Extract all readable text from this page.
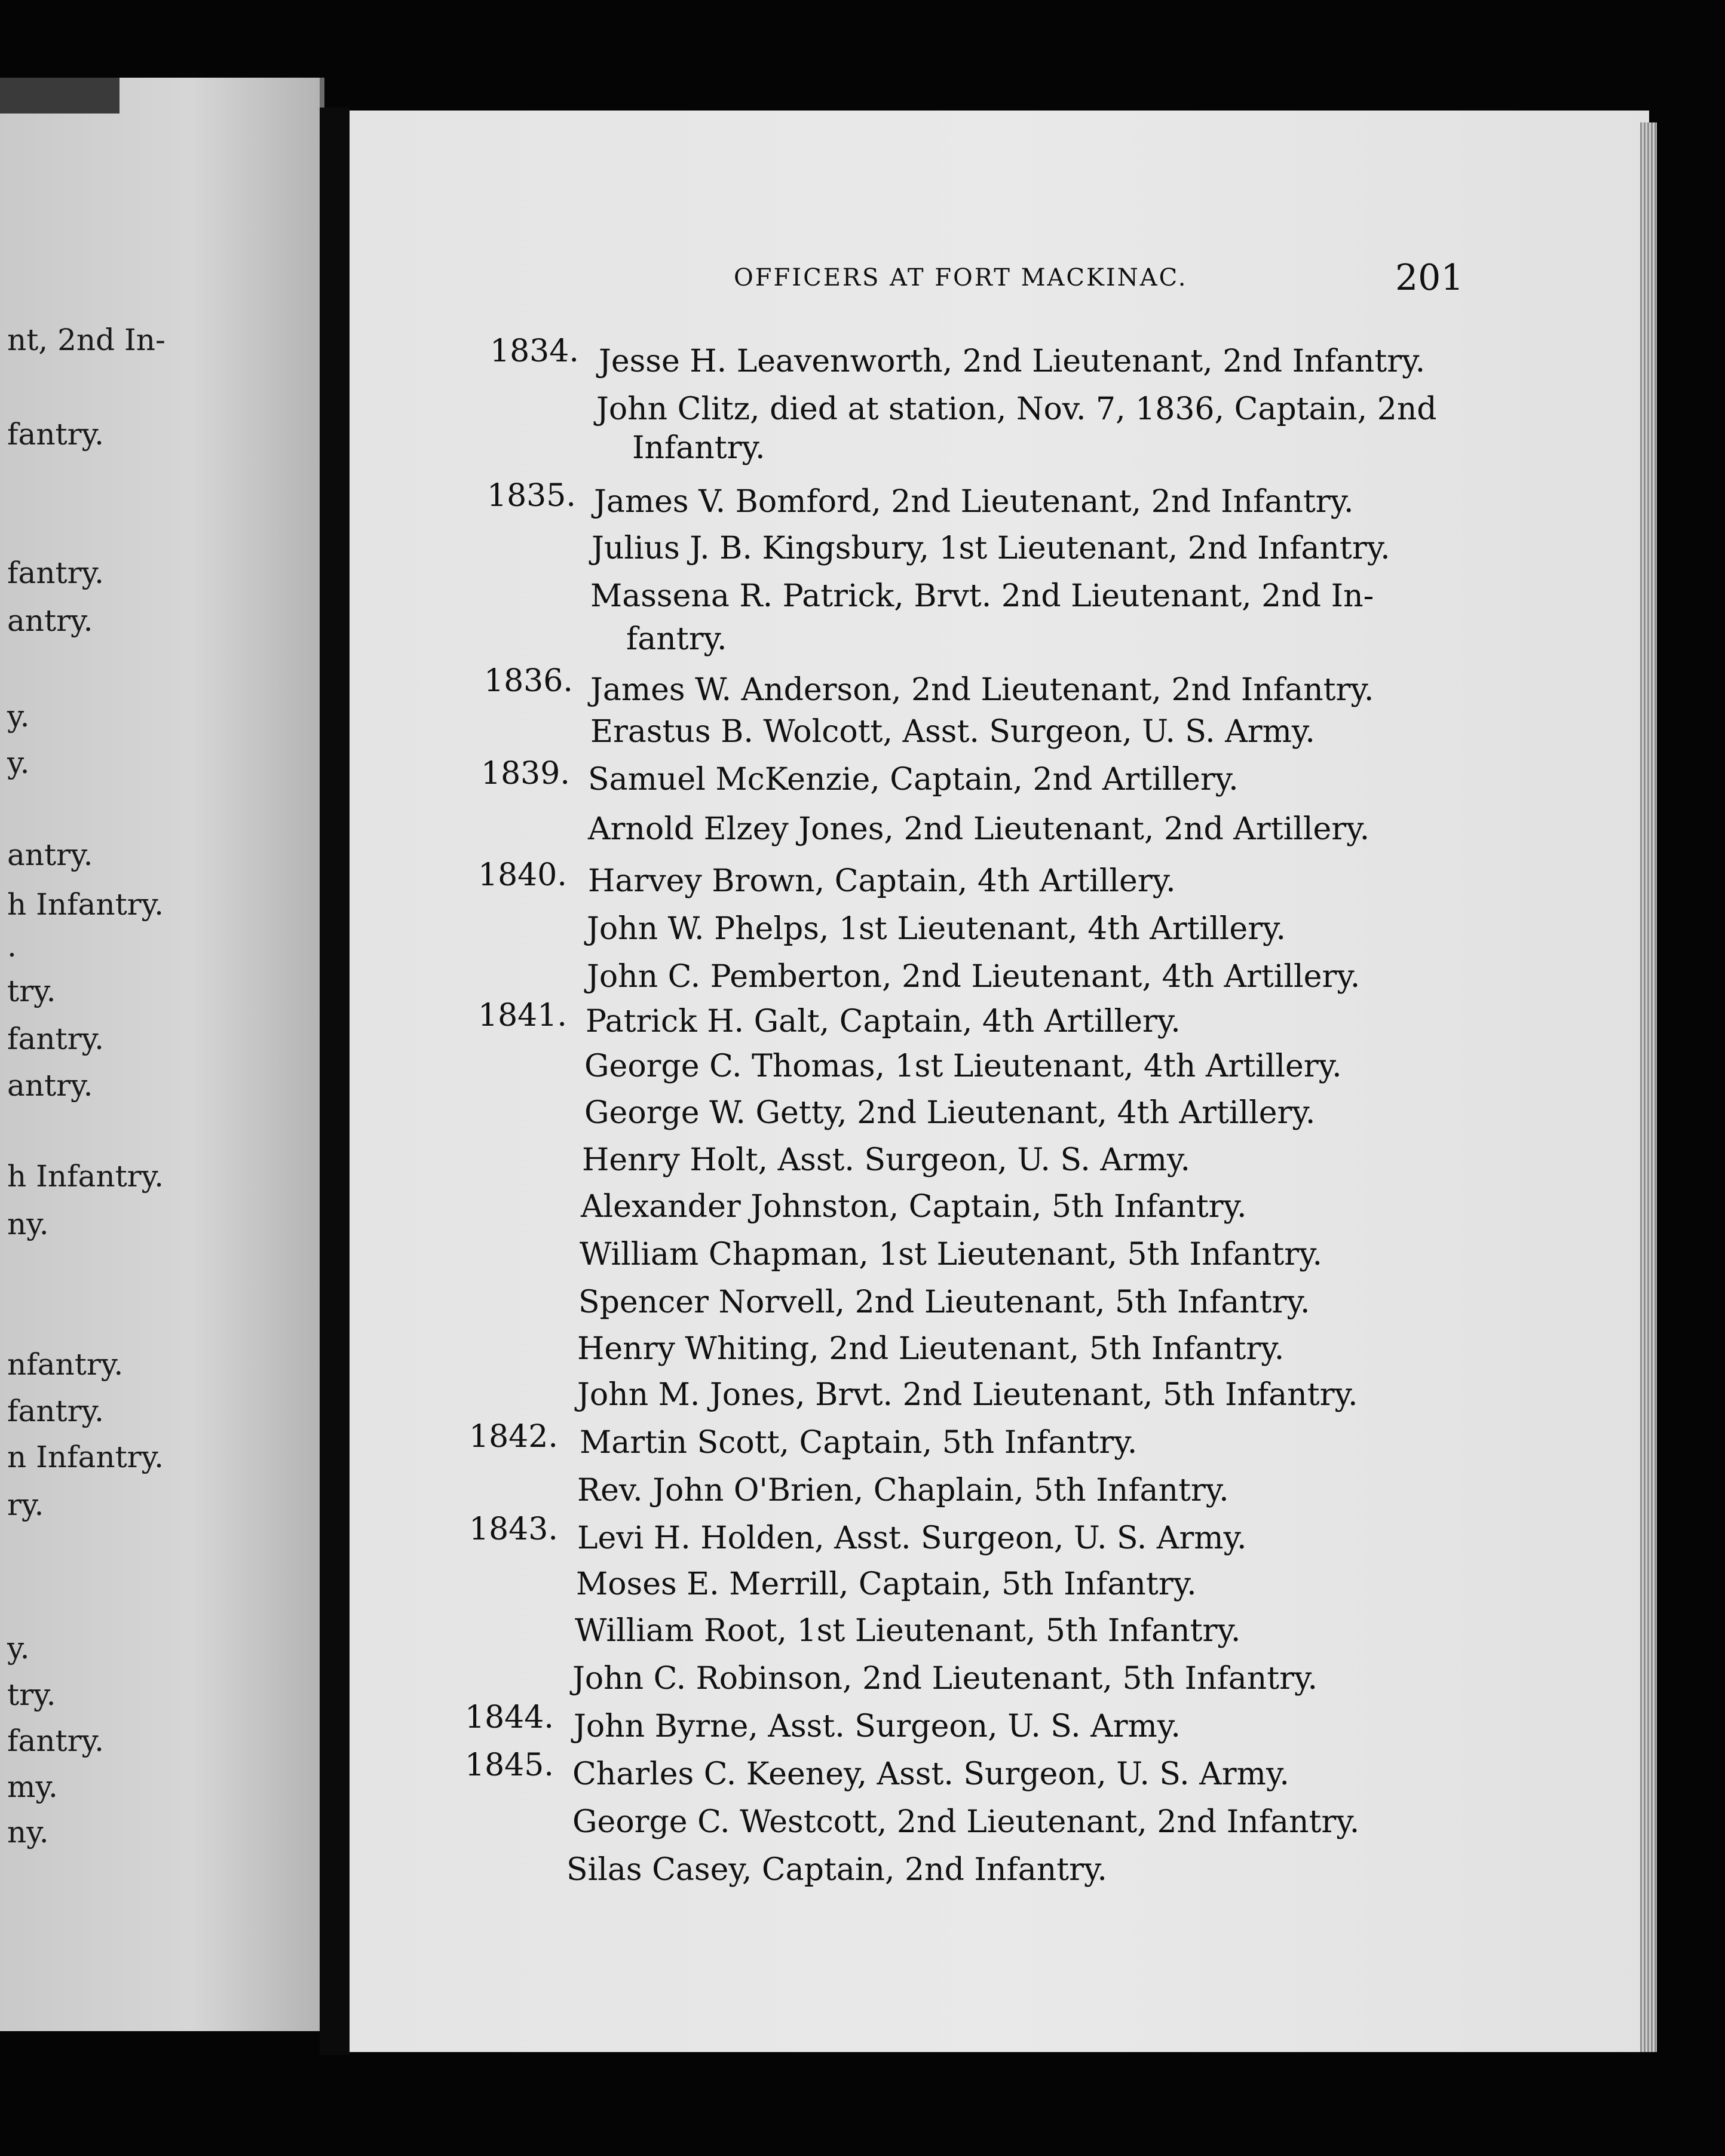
nt, 2nd In-
fantry.
fantry.
antry.
y.
y.
antry.
h Infantry.
.
try.
fantry.
antry.
h Infantry.
ny.
nfantry.
fantry.
n Infantry.
ry.
y.
try.
fantry.
my.
ny.
OFFICERS AT FORT MACKINAC.	201
1834.
1835.
1836.
1839.
1840.
1841.
1842.
1843.
1844.
1845.
Jesse H. Leavenworth, 2nd Lieutenant, 2nd Infantry.
John Clitz, died at station, Nov. 7, 1836, Captain, 2nd
Infantry.
James V. Bomford, 2nd Lieutenant, 2nd Infantry.
Julius J. B. Kingsbury, 1st Lieutenant, 2nd Infantry.
Massena R. Patrick, Brvt. 2nd Lieutenant, 2nd In-
fantry.
James W. Anderson, 2nd Lieutenant, 2nd Infantry.
Erastus B. Wolcott, Asst. Surgeon, U. S. Army.
Samuel McKenzie, Captain, 2nd Artillery.
Arnold Elzey Jones, 2nd Lieutenant, 2nd Artillery.
Harvey Brown, Captain, 4th Artillery.
John W. Phelps, 1st Lieutenant, 4th Artillery.
John C. Pemberton, 2nd Lieutenant, 4th Artillery.
Patrick H. Galt, Captain, 4th Artillery.
George C. Thomas, 1st Lieutenant, 4th Artillery.
George W. Getty, 2nd Lieutenant, 4th Artillery.
Henry Holt, Asst. Surgeon, U. S. Army.
Alexander Johnston, Captain, 5th Infantry.
William Chapman, 1st Lieutenant, 5th Infantry.
Spencer Norvell, 2nd Lieutenant, 5th Infantry.
Henry Whiting, 2nd Lieutenant, 5th Infantry.
John M. Jones, Brvt. 2nd Lieutenant, 5th Infantry.
Martin Scott, Captain, 5th Infantry.
Rev. John O'Brien, Chaplain, 5th Infantry.
Levi H. Holden, Asst. Surgeon, U. S. Army.
Moses E. Merrill, Captain, 5th Infantry.
William Root, 1st Lieutenant, 5th Infantry.
John C. Robinson, 2nd Lieutenant, 5th Infantry.
John Byrne, Asst. Surgeon, U. S. Army.
Charles C. Keeney, Asst. Surgeon, U. S. Army.
George C. Westcott, 2nd Lieutenant, 2nd Infantry.
Silas Casey, Captain, 2nd Infantry.
